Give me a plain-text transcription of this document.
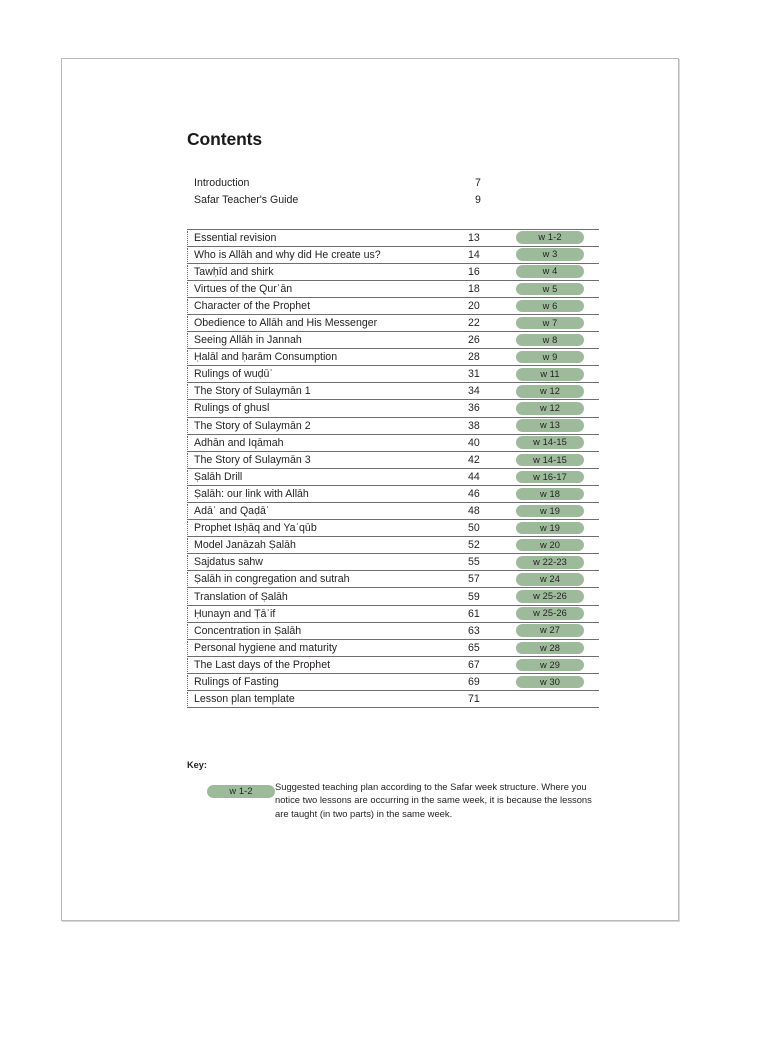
Contents
Introduction	7
Safar Teacher's Guide	9
Essential revision	13	w 1-2
Who is Allāh and why did He create us?	14	w 3
Tawḥīd and shirk	16	w 4
Virtues of the Qurʾān	18	w 5
Character of the Prophet	20	w 6
Obedience to Allāh and His Messenger	22	w 7
Seeing Allāh in Jannah	26	w 8
Ḥalāl and ḥarām Consumption	28	w 9
Rulings of wuḍūʾ	31	w 11
The Story of Sulaymān 1	34	w 12
Rulings of ghusl	36	w 12
The Story of Sulaymān 2	38	w 13
Adhān and Iqāmah	40	w 14-15
The Story of Sulaymān 3	42	w 14-15
Ṣalāh Drill	44	w 16-17
Ṣalāh: our link with Allāh	46	w 18
Adāʾ and Qaḍāʾ	48	w 19
Prophet Isḥāq and Yaʿqūb	50	w 19
Model Janāzah Ṣalāh	52	w 20
Sajdatus sahw	55	w 22-23
Ṣalāh in congregation and sutrah	57	w 24
Translation of Ṣalāh	59	w 25-26
Ḥunayn and Ṭāʾif	61	w 25-26
Concentration in Ṣalāh	63	w 27
Personal hygiene and maturity	65	w 28
The Last days of the Prophet	67	w 29
Rulings of Fasting	69	w 30
Lesson plan template	71
Key:
w 1-2	Suggested teaching plan according to the Safar week structure. Where you notice two lessons are occurring in the same week, it is because the lessons are taught (in two parts) in the same week.
